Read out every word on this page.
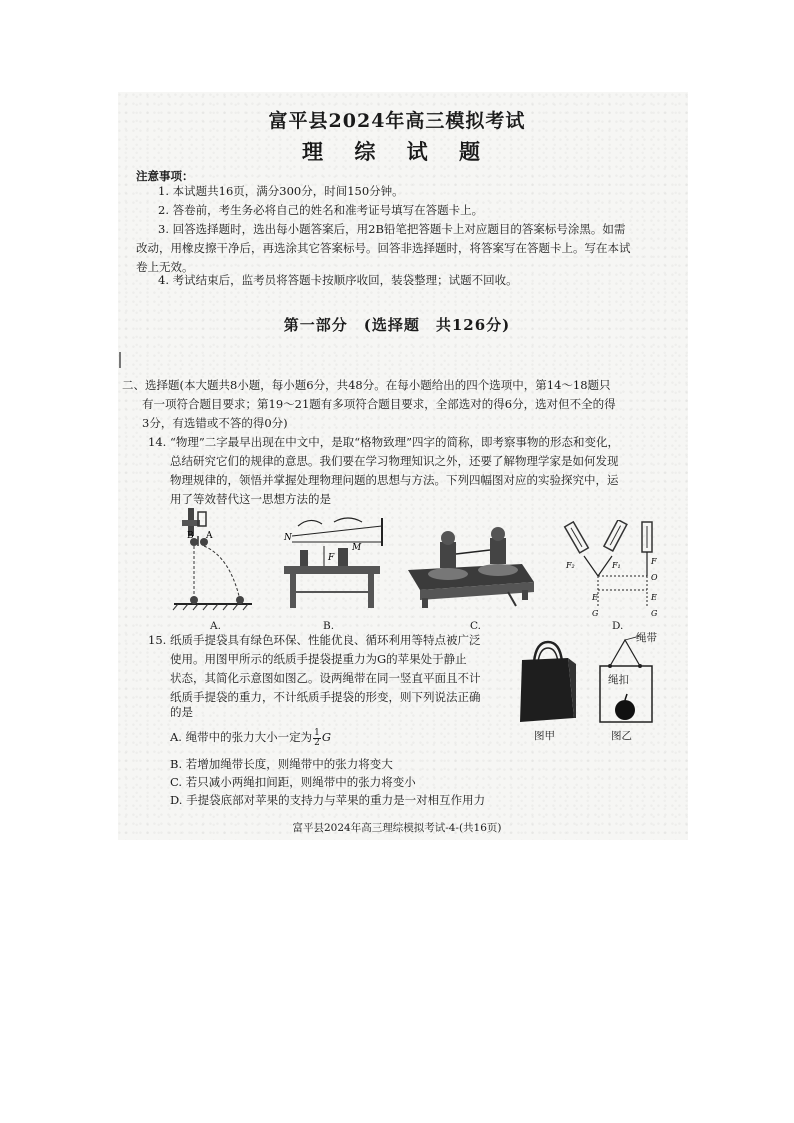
富平县2024年高三模拟考试
理 综 试 题
注意事项：
1. 本试题共16页，满分300分，时间150分钟。
2. 答卷前，考生务必将自己的姓名和准考证号填写在答题卡上。
3. 回答选择题时，选出每小题答案后，用2B铅笔把答题卡上对应题目的答案标号涂黑。如需
改动，用橡皮擦干净后，再选涂其它答案标号。回答非选择题时，将答案写在答题卡上。写在本试
卷上无效。
4. 考试结束后，监考员将答题卡按顺序收回，装袋整理；试题不回收。
第一部分　(选择题　共126分)
二、选择题(本大题共8小题，每小题6分，共48分。在每小题给出的四个选项中，第14～18题只
有一项符合题目要求；第19～21题有多项符合题目要求，全部选对的得6分，选对但不全的得
3分，有选错或不答的得0分)
14. “物理”二字最早出现在中文中，是取“格物致理”四字的简称，即考察事物的形态和变化，
总结研究它们的规律的意思。我们要在学习物理知识之外，还要了解物理学家是如何发现
物理规律的，领悟并掌握处理物理问题的思想与方法。下列四幅图对应的实验探究中，运
用了等效替代这一思想方法的是
B A
A.
N
F
M
B.	C.
F₂	F₁	F
O
E	E
G	G
D.
15. 纸质手提袋具有绿色环保、性能优良、循环利用等特点被广泛
使用。用图甲所示的纸质手提袋提重力为G的苹果处于静止
状态，其简化示意图如图乙。设两绳带在同一竖直平面且不计
纸质手提袋的重力，不计纸质手提袋的形变，则下列说法正确
的是
A. 绳带中的张力大小一定为 $\frac{1}{2}$ G
B. 若增加绳带长度，则绳带中的张力将变大
C. 若只减小两绳扣间距，则绳带中的张力将变小
D. 手提袋底部对苹果的支持力与苹果的重力是一对相互作用力
图甲
绳带
绳扣
图乙
富平县2024年高三理综模拟考试-4-(共16页)
